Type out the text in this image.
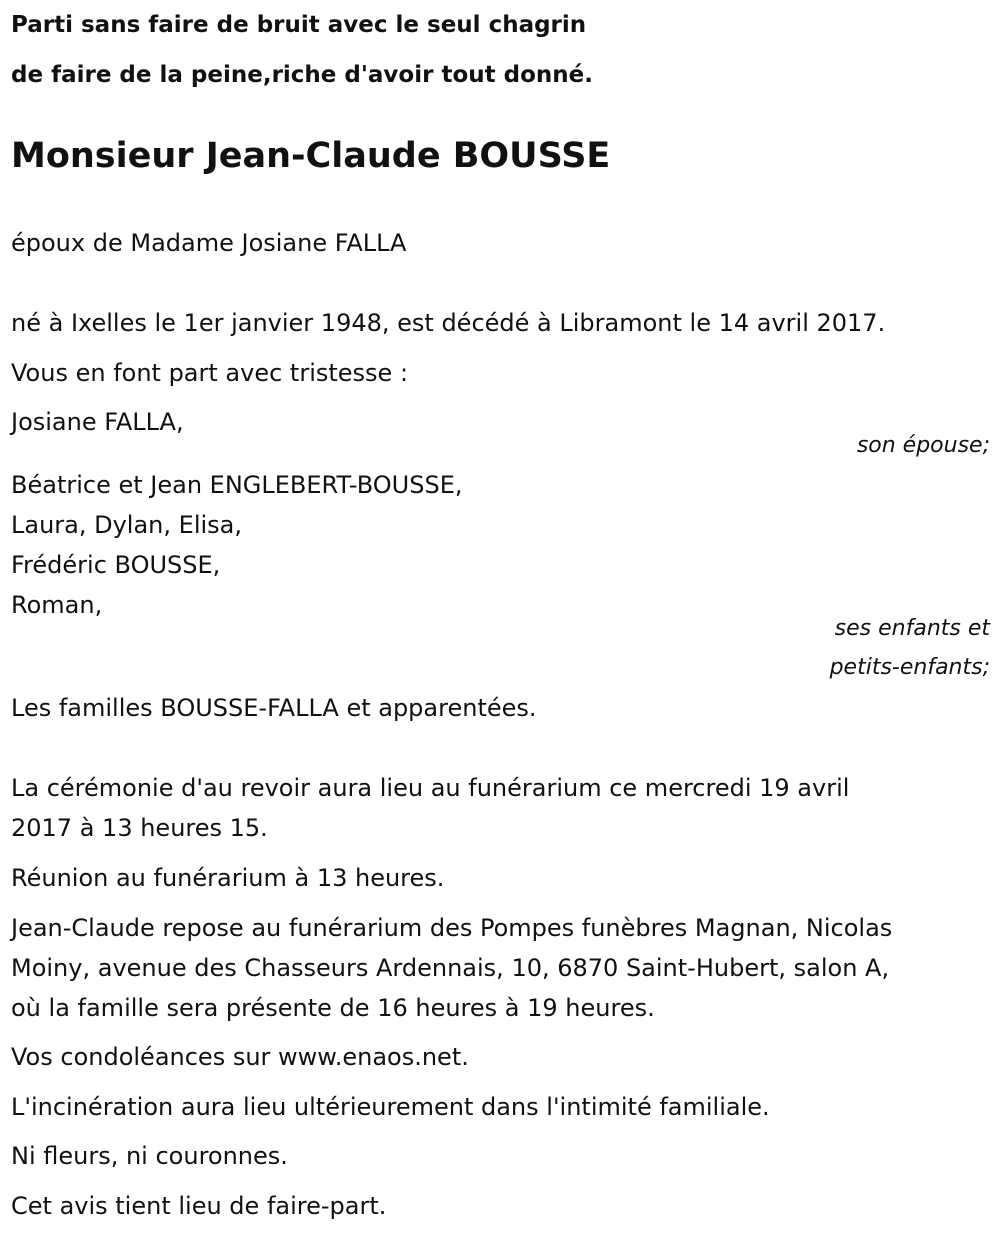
Parti sans faire de bruit avec le seul chagrin
de faire de la peine,riche d'avoir tout donné.
Monsieur Jean-Claude BOUSSE
époux de Madame Josiane FALLA
né à Ixelles le 1er janvier 1948, est décédé à Libramont le 14 avril 2017.
Vous en font part avec tristesse :
Josiane FALLA,
son épouse;
Béatrice et Jean ENGLEBERT-BOUSSE,
Laura, Dylan, Elisa,
Frédéric BOUSSE,
Roman,
ses enfants et
petits-enfants;
Les familles BOUSSE-FALLA et apparentées.
La cérémonie d'au revoir aura lieu au funérarium ce mercredi 19 avril
2017 à 13 heures 15.
Réunion au funérarium à 13 heures.
Jean-Claude repose au funérarium des Pompes funèbres Magnan, Nicolas
Moiny, avenue des Chasseurs Ardennais, 10, 6870 Saint-Hubert, salon A,
où la famille sera présente de 16 heures à 19 heures.
Vos condoléances sur www.enaos.net.
L'incinération aura lieu ultérieurement dans l'intimité familiale.
Ni fleurs, ni couronnes.
Cet avis tient lieu de faire-part.
